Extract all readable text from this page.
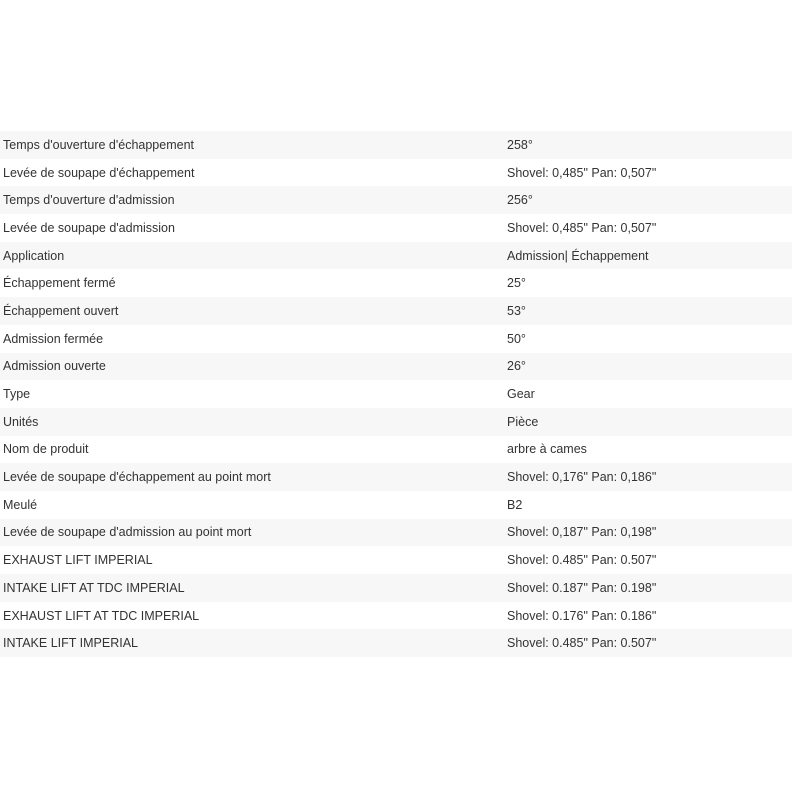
Temps d'ouverture d'échappement	258°
Levée de soupape d'échappement	Shovel: 0,485" Pan: 0,507"
Temps d'ouverture d'admission	256°
Levée de soupape d'admission	Shovel: 0,485" Pan: 0,507"
Application	Admission| Échappement
Échappement fermé	25°
Échappement ouvert	53°
Admission fermée	50°
Admission ouverte	26°
Type	Gear
Unités	Pièce
Nom de produit	arbre à cames
Levée de soupape d'échappement au point mort	Shovel: 0,176" Pan: 0,186"
Meulé	B2
Levée de soupape d'admission au point mort	Shovel: 0,187" Pan: 0,198"
EXHAUST LIFT IMPERIAL	Shovel: 0.485" Pan: 0.507"
INTAKE LIFT AT TDC IMPERIAL	Shovel: 0.187" Pan: 0.198"
EXHAUST LIFT AT TDC IMPERIAL	Shovel: 0.176" Pan: 0.186"
INTAKE LIFT IMPERIAL	Shovel: 0.485" Pan: 0.507"
